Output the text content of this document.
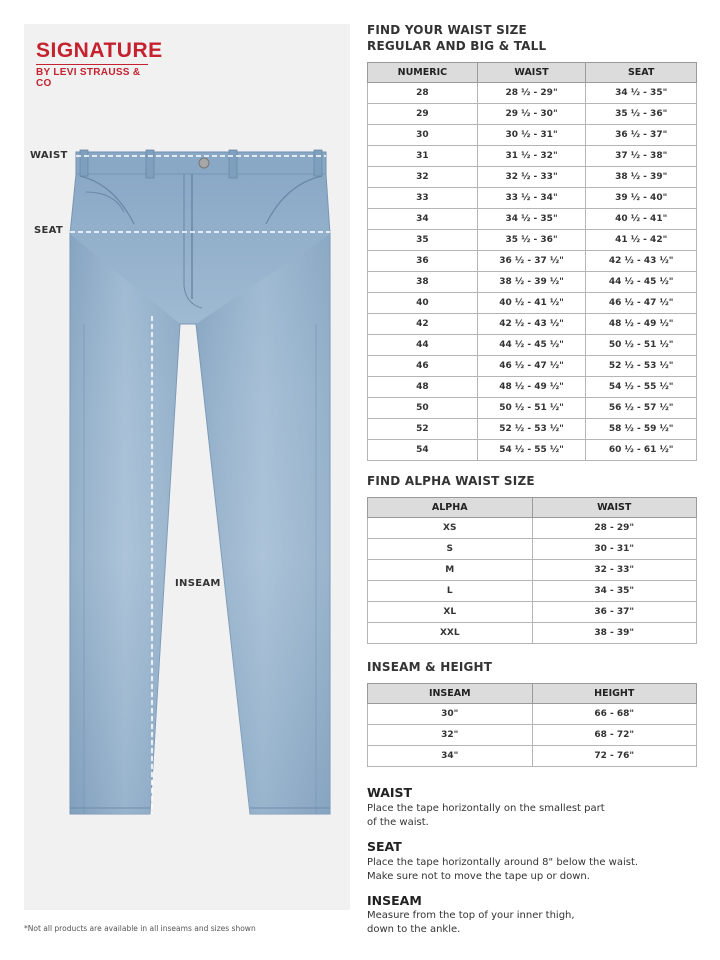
SIGNATURE
BY LEVI STRAUSS & CO
WAIST
SEAT
INSEAM
*Not all products are available in all inseams and sizes shown
FIND YOUR WAIST SIZE
REGULAR AND BIG & TALL
NUMERIC	WAIST	SEAT
28	28 ½ - 29"	34 ½ - 35"
29	29 ½ - 30"	35 ½ - 36"
30	30 ½ - 31"	36 ½ - 37"
31	31 ½ - 32"	37 ½ - 38"
32	32 ½ - 33"	38 ½ - 39"
33	33 ½ - 34"	39 ½ - 40"
34	34 ½ - 35"	40 ½ - 41"
35	35 ½ - 36"	41 ½ - 42"
36	36 ½ - 37 ½"	42 ½ - 43 ½"
38	38 ½ - 39 ½"	44 ½ - 45 ½"
40	40 ½ - 41 ½"	46 ½ - 47 ½"
42	42 ½ - 43 ½"	48 ½ - 49 ½"
44	44 ½ - 45 ½"	50 ½ - 51 ½"
46	46 ½ - 47 ½"	52 ½ - 53 ½"
48	48 ½ - 49 ½"	54 ½ - 55 ½"
50	50 ½ - 51 ½"	56 ½ - 57 ½"
52	52 ½ - 53 ½"	58 ½ - 59 ½"
54	54 ½ - 55 ½"	60 ½ - 61 ½"
FIND ALPHA WAIST SIZE
ALPHA	WAIST
XS	28 - 29"
S	30 - 31"
M	32 - 33"
L	34 - 35"
XL	36 - 37"
XXL	38 - 39"
INSEAM & HEIGHT
INSEAM	HEIGHT
30"	66 - 68"
32"	68 - 72"
34"	72 - 76"
WAIST
Place the tape horizontally on the smallest part
of the waist.
SEAT
Place the tape horizontally around 8" below the waist.
Make sure not to move the tape up or down.
INSEAM
Measure from the top of your inner thigh,
down to the ankle.
